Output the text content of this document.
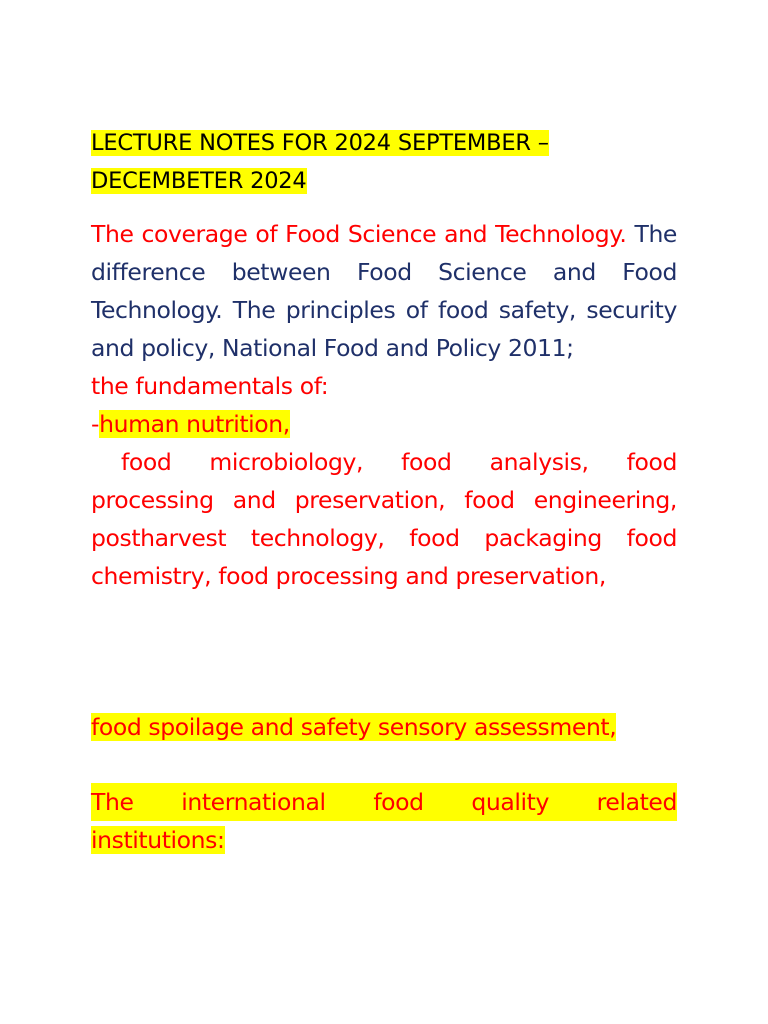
LECTURE NOTES FOR 2024 SEPTEMBER –
DECEMBETER 2024
The coverage of Food Science and Technology. The difference between Food Science and Food Technology. The principles of food safety, security and policy, National Food and Policy 2011;
the fundamentals of:
-human nutrition,
food microbiology, food analysis, food processing and preservation, food engineering, postharvest technology, food packaging food chemistry, food processing and preservation,
food spoilage and safety sensory assessment,
The international food quality related
institutions:
